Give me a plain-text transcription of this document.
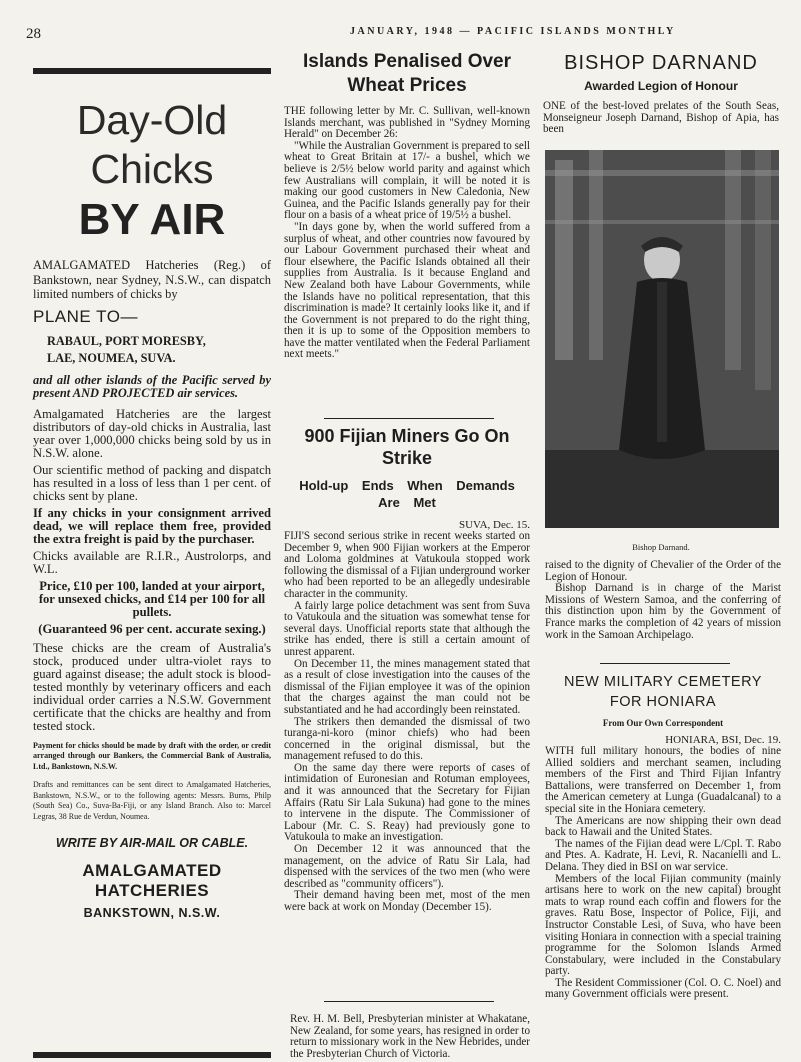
28	JANUARY, 1948 — PACIFIC ISLANDS MONTHLY
Day-Old
Chicks
BY AIR

AMALGAMATED Hatcheries (Reg.) of Bankstown, near Sydney, N.S.W., can dispatch limited numbers of chicks by

PLANE TO—
RABAUL, PORT MORESBY,
LAE, NOUMEA, SUVA.

and all other islands of the Pacific served by present AND PROJECTED air services.

Amalgamated Hatcheries are the largest distributors of day-old chicks in Australia, last year over 1,000,000 chicks being sold by us in N.S.W. alone.

Our scientific method of packing and dispatch has resulted in a loss of less than 1 per cent. of chicks sent by plane.

If any chicks in your consignment arrived dead, we will replace them free, provided the extra freight is paid by the purchaser.

Chicks available are R.I.R., Austrolorps, and W.L.

Price, £10 per 100, landed at your airport, for unsexed chicks, and £14 per 100 for all pullets.

(Guaranteed 96 per cent. accurate sexing.)

These chicks are the cream of Australia's stock, produced under ultra-violet rays to guard against disease; the adult stock is blood-tested monthly by veterinary officers and each individual order carries a N.S.W. Government certificate that the chicks are healthy and from tested stock.

Payment for chicks should be made by draft with the order, or credit arranged through our Bankers, the Commercial Bank of Australia, Ltd., Bankstown, N.S.W.

Drafts and remittances can be sent direct to Amalgamated Hatcheries, Bankstown, N.S.W., or to the following agents: Messrs. Burns, Philp (South Sea) Co., Suva-Ba-Fiji, or any Island Branch. Also to: Marcel Legras, 38 Rue de Verdun, Noumea.

WRITE BY AIR-MAIL OR CABLE.
AMALGAMATED HATCHERIES
BANKSTOWN, N.S.W.
Islands Penalised Over Wheat Prices

THE following letter by Mr. C. Sullivan, well-known Islands merchant, was published in "Sydney Morning Herald" on December 26:

"While the Australian Government is prepared to sell wheat to Great Britain at 17/- a bushel, which we believe is 2/5½ below world parity and against which few Australians will complain, it will be noted it is making our good customers in New Caledonia, New Guinea, and the Pacific Islands generally pay for their flour on a basis of a wheat price of 19/5½ a bushel.

"In days gone by, when the world suffered from a surplus of wheat, and other countries now favoured by our Labour Government purchased their wheat and flour elsewhere, the Pacific Islands obtained all their supplies from Australia. Is it because England and New Zealand both have Labour Governments, while the Islands have no political representation, that this discrimination is made? It certainly looks like it, and if the Government is not prepared to do the right thing, then it is up to some of the Opposition members to have the matter ventilated when the Federal Parliament next meets."

900 Fijian Miners Go On Strike
Hold-up Ends When Demands Are Met
SUVA, Dec. 15.

FIJI'S second serious strike in recent weeks started on December 9, when 900 Fijian workers at the Emperor and Loloma goldmines at Vatukoula stopped work following the dismissal of a Fijian underground worker who had been reported to be an allegedly undesirable character in the community.

A fairly large police detachment was sent from Suva to Vatukoula and the situation was somewhat tense for several days. Unofficial reports state that although the strike has ended, there is still a certain amount of unrest apparent.

On December 11, the mines management stated that as a result of close investigation into the causes of the dismissal of the Fijian employee it was of the opinion that the charges against the man could not be substantiated and he had accordingly been reinstated.

The strikers then demanded the dismissal of two turanga-ni-koro (minor chiefs) who had been concerned in the original dismissal, but the management refused to do this.

On the same day there were reports of cases of intimidation of Euronesian and Rotuman employees, and it was announced that the Secretary for Fijian Affairs (Ratu Sir Lala Sukuna) had gone to the mines to intervene in the dispute. The Commissioner of Labour (Mr. C. S. Reay) had previously gone to Vatukoula to make an investigation.

On December 12 it was announced that the management, on the advice of Ratu Sir Lala, had dispensed with the services of the two men (who were described as "community officers").

Their demand having been met, most of the men were back at work on Monday (December 15).

Rev. H. M. Bell, Presbyterian minister at Whakatane, New Zealand, for some years, has resigned in order to return to missionary work in the New Hebrides, under the Presbyterian Church of Victoria.
BISHOP DARNAND
Awarded Legion of Honour

ONE of the best-loved prelates of the South Seas, Monseigneur Joseph Darnand, Bishop of Apia, has been

Bishop Darnand.

raised to the dignity of Chevalier of the Order of the Legion of Honour.

Bishop Darnand is in charge of the Marist Missions of Western Samoa, and the conferring of this distinction upon him by the Government of France marks the completion of 42 years of mission work in the Samoan Archipelago.

NEW MILITARY CEMETERY
FOR HONIARA
From Our Own Correspondent
HONIARA, BSI, Dec. 19.

WITH full military honours, the bodies of nine Allied soldiers and merchant seamen, including members of the First and Third Fijian Infantry Battalions, were transferred on December 1, from the American cemetery at Lunga (Guadalcanal) to a special site in the Honiara cemetery.

The Americans are now shipping their own dead back to Hawaii and the United States.

The names of the Fijian dead were L/Cpl. T. Rabo and Ptes. A. Kadrate, H. Levi, R. Nacanielli and L. Delana. They died in BSI on war service.

Members of the local Fijian community (mainly artisans here to work on the new capital) brought mats to wrap round each coffin and flowers for the graves. Ratu Bose, Inspector of Police, Fiji, and Instructor Constable Lesi, of Suva, who have been visiting Honiara in connection with a special training programme for the Solomon Islands Armed Constabulary, were included in the Constabulary party.

The Resident Commissioner (Col. O. C. Noel) and many Government officials were present.
